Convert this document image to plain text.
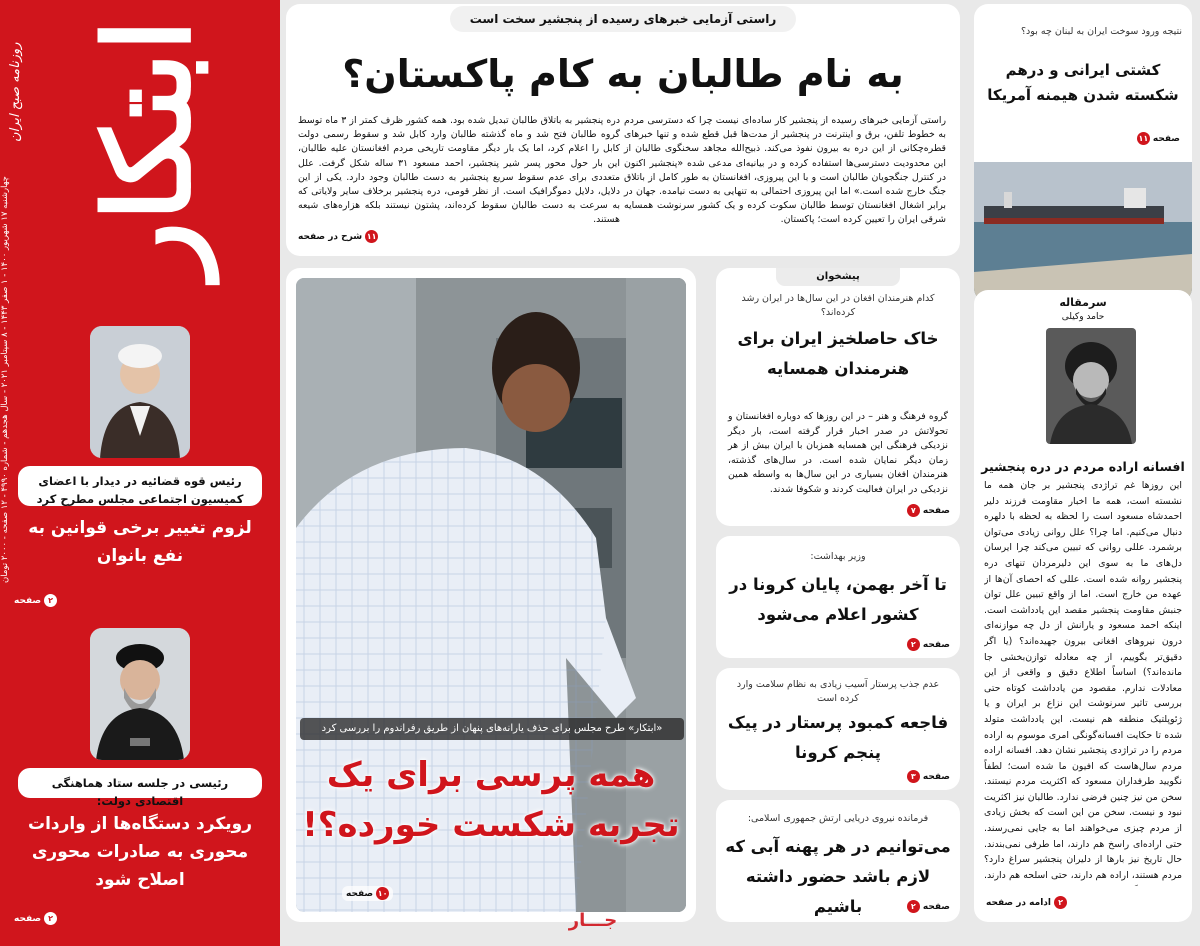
ابتکار
روزنامه صبح ایران
چهارشنبه ۱۷ شهریور ۱۴۰۰ - ۱ صفر ۱۴۴۳ - ۸ سپتامبر ۲۰۲۱ - سال هجدهم - شماره ۴۹۹۰ - ۱۲ صفحه - ۲۰۰۰ تومان
رئیس قوه قضائیه در دیدار با اعضای کمیسیون اجتماعی مجلس مطرح کرد
لزوم تغییر برخی قوانین به نفع بانوان
۲
صفحه
رئیسی در جلسه ستاد هماهنگی اقتصادی دولت:
رویکرد دستگاه‌ها از واردات محوری به صادرات محوری اصلاح شود
۲
صفحه
راستی آزمایی خبرهای رسیده از پنجشیر سخت است
به نام طالبان به کام پاکستان؟
راستی آزمایی خبرهای رسیده از پنجشیر کار ساده‌ای نیست چرا که دسترسی مردم به خطوط تلفن، برق و اینترنت در پنجشیر از مدت‌ها قبل قطع شده و تنها خبرهای قطره‌چکانی از این دره به بیرون نفوذ می‌کند. ذبیح‌الله مجاهد سخنگوی طالبان از این محدودیت دسترسی‌ها استفاده کرده و در بیانیه‌ای مدعی شده «پنجشیر اکنون در کنترل جنگجویان طالبان است و با این پیروزی، افغانستان به طور کامل از باتلاق جنگ خارج شده است.» اما این پیروزی احتمالی به تنهایی به دست نیامده. جهان در برابر اشغال افغانستان توسط طالبان سکوت کرده و یک کشور سرنوشت همسایه شرقی ایران را تعیین کرده است؛ پاکستان.
دره پنجشیر به باتلاق طالبان تبدیل شده بود. همه کشور ظرف کمتر از ۳ ماه توسط گروه طالبان فتح شد و ماه گذشته طالبان وارد کابل شد و سقوط رسمی دولت کابل را اعلام کرد، اما یک بار دیگر مقاومت تاریخی مردم افغانستان علیه طالبان، این بار حول محور پسر شیر پنجشیر، احمد مسعود ۳۱ ساله شکل گرفت. علل متعددی برای عدم سقوط سریع پنجشیر به دست طالبان وجود دارد. یکی از این دلایل، دلایل دموگرافیک است. از نظر قومی، دره پنجشیر برخلاف سایر ولایاتی که به سرعت به دست طالبان سقوط کرده‌اند، پشتون نیستند بلکه هزاره‌های شیعه هستند.
۱۱
شرح در صفحه
نتیجه ورود سوخت ایران به لبنان چه بود؟
کشتی ایرانی و درهم شکسته شدن هیمنه آمریکا
صفحه
۱۱
سرمقاله
حامد وکیلی
افسانه اراده مردم در دره پنجشیر
این روزها غم تراژدی پنجشیر بر جان همه ما نشسته است، همه ما اخبار مقاومت فرزند دلیر احمدشاه مسعود است را لحظه به لحظه با دلهره دنبال می‌کنیم. اما چرا؟ علل روانی زیادی می‌توان برشمرد. عللی روانی که تبیین می‌کند چرا ایرسان دل‌های ما به سوی این دلیرمردان تنهای دره پنجشیر روانه شده است. عللی که احصای آن‌ها از عهده من خارج است. اما از واقع تبیین علل توان جنبش مقاومت پنجشیر مقصد این یادداشت است. اینکه احمد مسعود و یارانش از دل چه موازنه‌ای درون نیروهای افغانی بیرون جهیده‌اند؟ (یا اگر دقیق‌تر بگوییم، از چه معادله توازن‌بخشی جا مانده‌اند؟) اساساً اطلاع دقیق و واقعی از این معادلات ندارم. مقصود من یادداشت کوتاه حتی بررسی تاثیر سرنوشت این نزاع بر ایران و یا ژئوپلتیک منطقه هم نیست. این یادداشت متولد شده تا حکایت افسانه‌گونگی امری موسوم به اراده مردم را در تراژدی پنجشیر نشان دهد. افسانه اراده مردم سال‌هاست که افیون ما شده است؛ لطفاً نگویید طرفداران مسعود که اکثریت مردم نیستند. سخن من نیز چنین فرضی ندارد. طالبان نیز اکثریت نبود و نیست. سخن من این است که بخش زیادی از مردم چیزی می‌خواهند اما به جایی نمی‌رسند. حتی اراده‌ای راسخ هم دارند، اما طرفی نمی‌بندند. حال تاریخ نیز بارها از دلیران پنجشیر سراغ دارد؟ مردم هستند، اراده هم دارند، حتی اسلحه هم دارند.
۲
ادامه در صفحه
پیشخوان
کدام هنرمندان افغان در این سال‌ها در ایران رشد کرده‌اند؟
خاک حاصلخیز ایران برای هنرمندان همسایه
گروه فرهنگ و هنر – در این روزها که دوباره افغانستان و تحولاتش در صدر اخبار قرار گرفته است، بار دیگر نزدیکی فرهنگی این همسایه همزبان با ایران بیش از هر زمان دیگر نمایان شده است. در سال‌های گذشته، هنرمندان افغان بسیاری در این سال‌ها به واسطه همین نزدیکی در ایران فعالیت کردند و شکوفا شدند.
صفحه
۷
وزیر بهداشت:
تا آخر بهمن، پایان کرونا در کشور اعلام می‌شود
صفحه
۲
عدم جذب پرستار آسیب زیادی به نظام سلامت وارد کرده است
فاجعه کمبود پرستار در پیک پنجم کرونا
صفحه
۳
فرمانده نیروی دریایی ارتش جمهوری اسلامی:
می‌توانیم در هر پهنه آبی که لازم باشد حضور داشته باشیم	صفحه
۲
«ابتکار» طرح مجلس برای حذف یارانه‌های پنهان از طریق رفراندوم را بررسی کرد
همه پرسی برای یک تجربه شکست خورده؟!
۱۰
صفحه
جـــار
